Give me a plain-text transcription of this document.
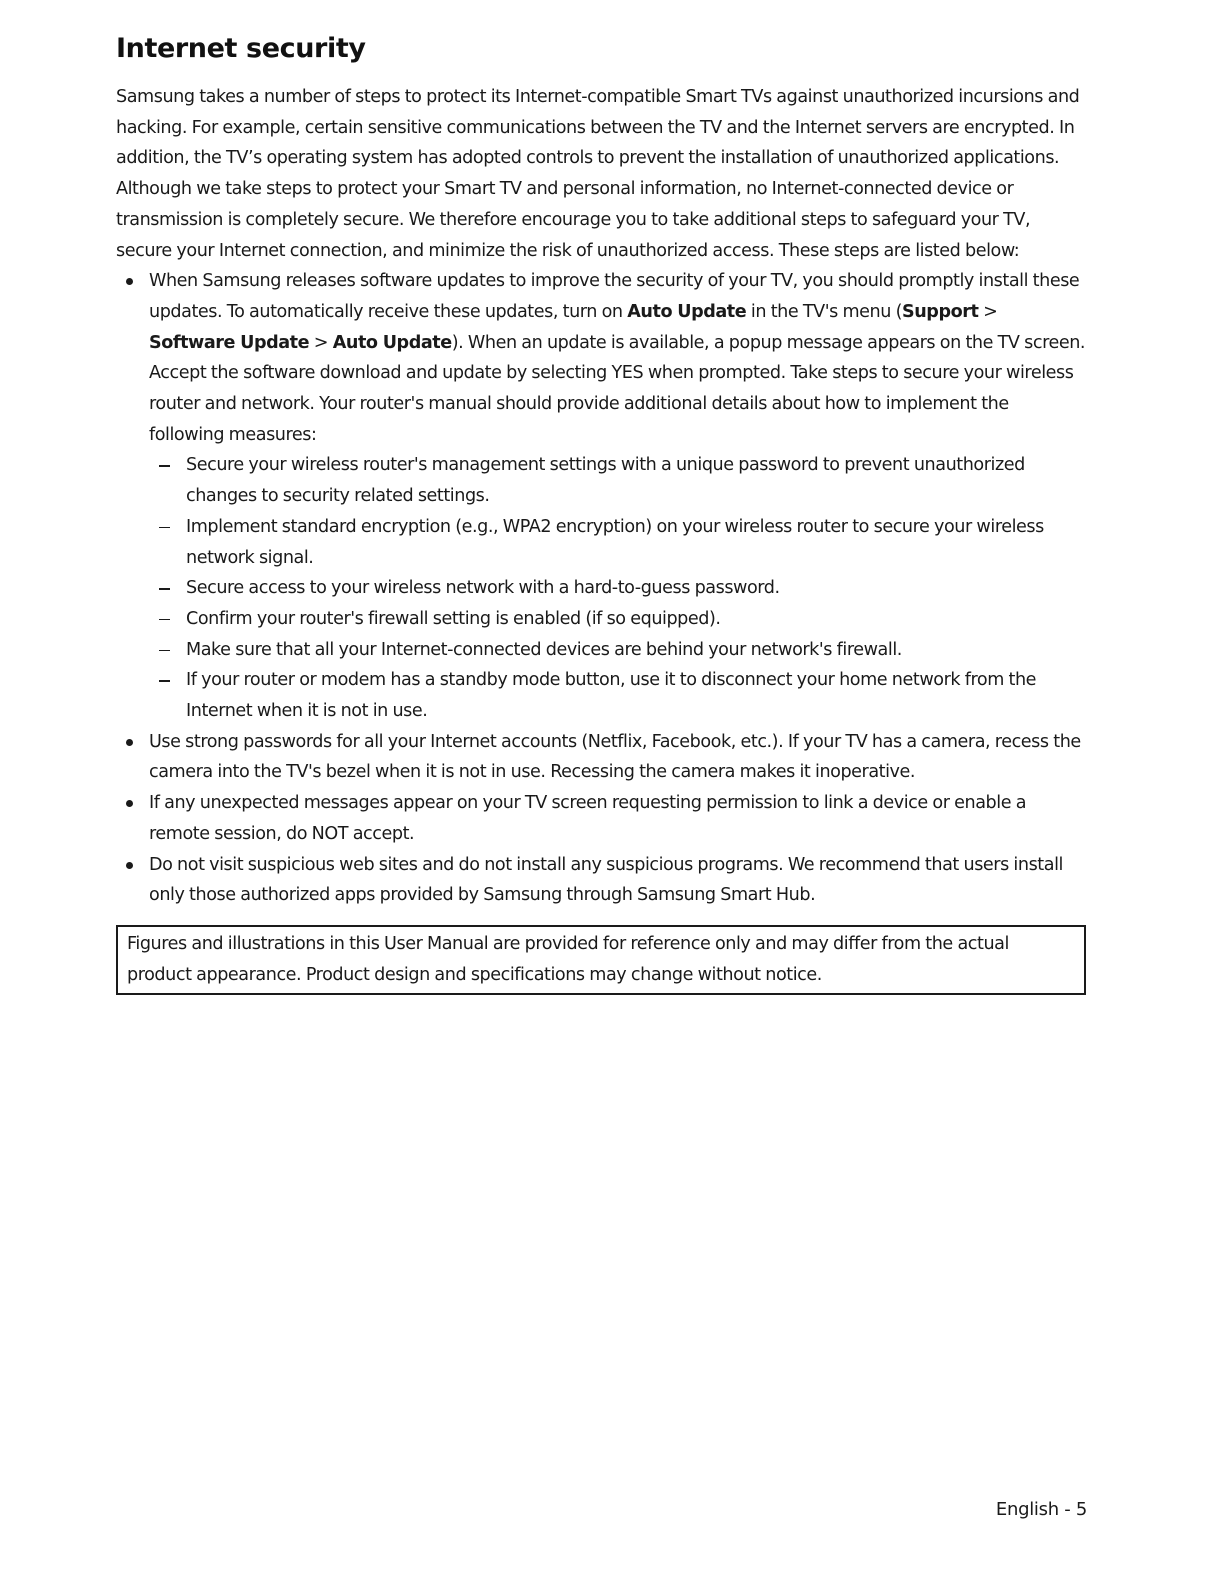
Internet security

Samsung takes a number of steps to protect its Internet-compatible Smart TVs against unauthorized incursions and hacking. For example, certain sensitive communications between the TV and the Internet servers are encrypted. In addition, the TV’s operating system has adopted controls to prevent the installation of unauthorized applications. Although we take steps to protect your Smart TV and personal information, no Internet-connected device or transmission is completely secure. We therefore encourage you to take additional steps to safeguard your TV, secure your Internet connection, and minimize the risk of unauthorized access. These steps are listed below:

When Samsung releases software updates to improve the security of your TV, you should promptly install these updates. To automatically receive these updates, turn on Auto Update in the TV's menu (Support > Software Update > Auto Update). When an update is available, a popup message appears on the TV screen. Accept the software download and update by selecting YES when prompted. Take steps to secure your wireless router and network. Your router's manual should provide additional details about how to implement the following measures:
Secure your wireless router's management settings with a unique password to prevent unauthorized changes to security related settings.
Implement standard encryption (e.g., WPA2 encryption) on your wireless router to secure your wireless network signal.
Secure access to your wireless network with a hard-to-guess password.
Confirm your router's firewall setting is enabled (if so equipped).
Make sure that all your Internet-connected devices are behind your network's firewall.
If your router or modem has a standby mode button, use it to disconnect your home network from the Internet when it is not in use.
Use strong passwords for all your Internet accounts (Netflix, Facebook, etc.). If your TV has a camera, recess the camera into the TV's bezel when it is not in use. Recessing the camera makes it inoperative.
If any unexpected messages appear on your TV screen requesting permission to link a device or enable a remote session, do NOT accept.
Do not visit suspicious web sites and do not install any suspicious programs. We recommend that users install only those authorized apps provided by Samsung through Samsung Smart Hub.
Figures and illustrations in this User Manual are provided for reference only and may differ from the actual product appearance. Product design and specifications may change without notice.
English - 5
